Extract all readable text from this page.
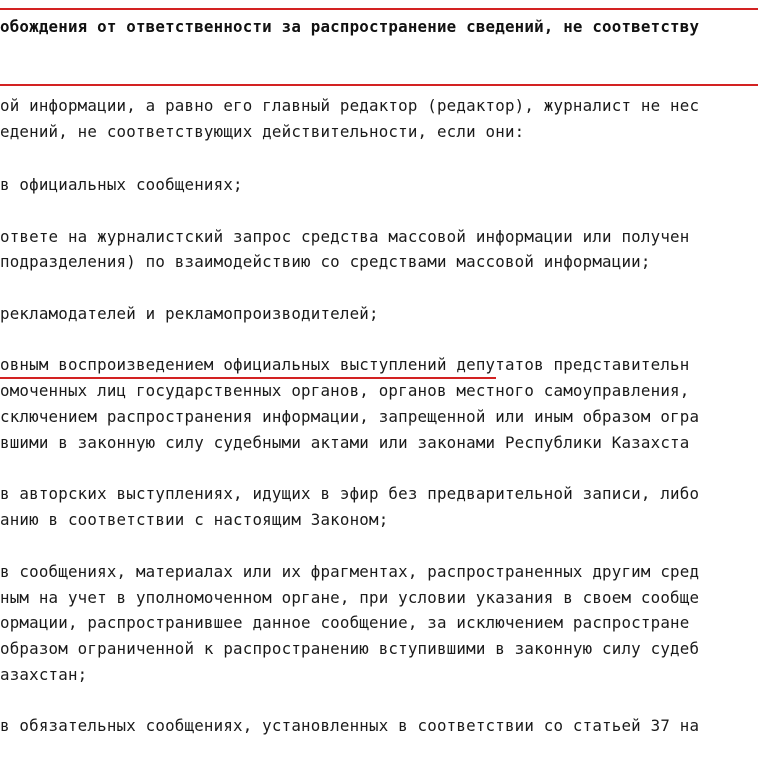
обождения от ответственности за распространение сведений, не соответству
ой информации, а равно его главный редактор (редактор), журналист не нес
едений, не соответствующих действительности, если они:
в официальных сообщениях;
ответе на журналистский запрос средства массовой информации или получен
подразделения) по взаимодействию со средствами массовой информации;
рекламодателей и рекламопроизводителей;
овным воспроизведением официальных выступлений депутатов представительн
омоченных лиц государственных органов, органов местного самоуправления,
сключением распространения информации, запрещенной или иным образом огра
вшими в законную силу судебными актами или законами Республики Казахста
в авторских выступлениях, идущих в эфир без предварительной записи, либо
анию в соответствии с настоящим Законом;
в сообщениях, материалах или их фрагментах, распространенных другим сред
ным на учет в уполномоченном органе, при условии указания в своем сообще
ормации, распространившее данное сообщение, за исключением распростране
образом ограниченной к распространению вступившими в законную силу судеб
азахстан;
в обязательных сообщениях, установленных в соответствии со статьей 37 на
